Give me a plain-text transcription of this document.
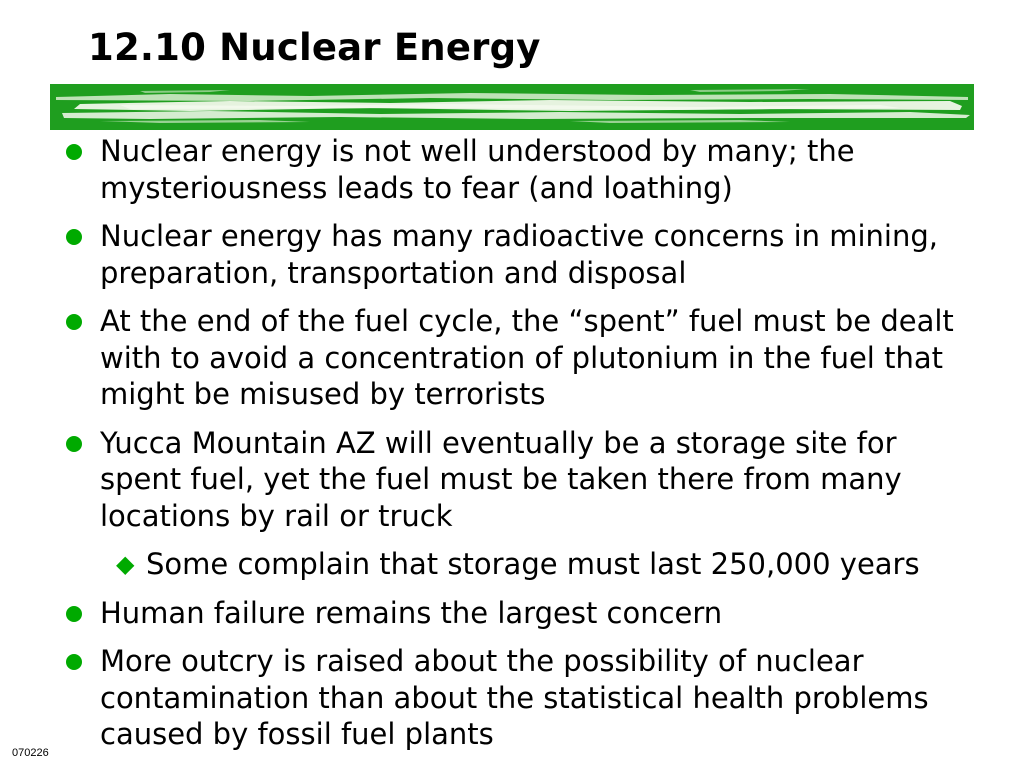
12.10 Nuclear Energy
Nuclear energy is not well understood by many; the mysteriousness leads to fear (and loathing)
Nuclear energy has many radioactive concerns in mining, preparation, transportation and disposal
At the end of the fuel cycle, the “spent” fuel must be dealt with to avoid a concentration of plutonium in the fuel that might be misused by terrorists
Yucca Mountain AZ will eventually be a storage site for spent fuel, yet the fuel must be taken there from many locations by rail or truck
◆ Some complain that storage must last 250,000 years
Human failure remains the largest concern
More outcry is raised about the possibility of nuclear contamination than about the statistical health problems caused by fossil fuel plants
070226
